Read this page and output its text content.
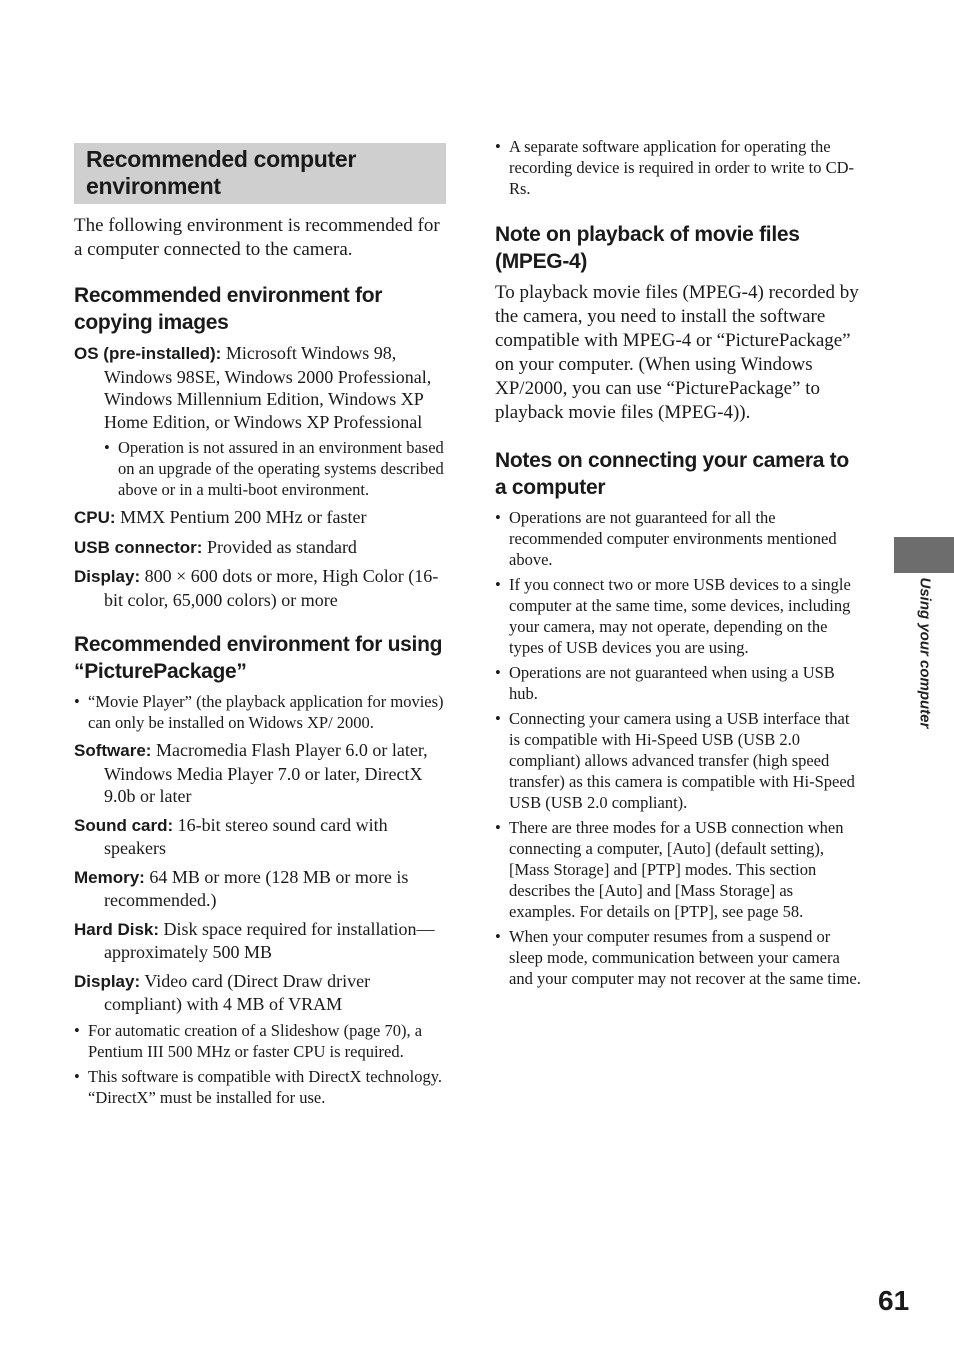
Recommended computer environment

The following environment is recommended for a computer connected to the camera.

Recommended environment for copying images

OS (pre-installed): Microsoft Windows 98, Windows 98SE, Windows 2000 Professional, Windows Millennium Edition, Windows XP Home Edition, or Windows XP Professional

• Operation is not assured in an environment based on an upgrade of the operating systems described above or in a multi-boot environment.

CPU: MMX Pentium 200 MHz or faster

USB connector: Provided as standard

Display: 800 × 600 dots or more, High Color (16-bit color, 65,000 colors) or more

Recommended environment for using “PicturePackage”
• “Movie Player” (the playback application for movies) can only be installed on Widows XP/ 2000.

Software: Macromedia Flash Player 6.0 or later, Windows Media Player 7.0 or later, DirectX 9.0b or later

Sound card: 16-bit stereo sound card with speakers

Memory: 64 MB or more (128 MB or more is recommended.)

Hard Disk: Disk space required for installation—approximately 500 MB

Display: Video card (Direct Draw driver compliant) with 4 MB of VRAM

• For automatic creation of a Slideshow (page 70), a Pentium III 500 MHz or faster CPU is required.
• This software is compatible with DirectX technology. “DirectX” must be installed for use.
• A separate software application for operating the recording device is required in order to write to CD-Rs.
Note on playback of movie files (MPEG-4)

To playback movie files (MPEG-4) recorded by the camera, you need to install the software compatible with MPEG-4 or “PicturePackage” on your computer. (When using Windows XP/2000, you can use “PicturePackage” to playback movie files (MPEG-4)).

Notes on connecting your camera to a computer
• Operations are not guaranteed for all the recommended computer environments mentioned above.
• If you connect two or more USB devices to a single computer at the same time, some devices, including your camera, may not operate, depending on the types of USB devices you are using.
• Operations are not guaranteed when using a USB hub.
• Connecting your camera using a USB interface that is compatible with Hi-Speed USB (USB 2.0 compliant) allows advanced transfer (high speed transfer) as this camera is compatible with Hi-Speed USB (USB 2.0 compliant).
• There are three modes for a USB connection when connecting a computer, [Auto] (default setting), [Mass Storage] and [PTP] modes. This section describes the [Auto] and [Mass Storage] as examples. For details on [PTP], see page 58.
• When your computer resumes from a suspend or sleep mode, communication between your camera and your computer may not recover at the same time.
Using your computer
61
